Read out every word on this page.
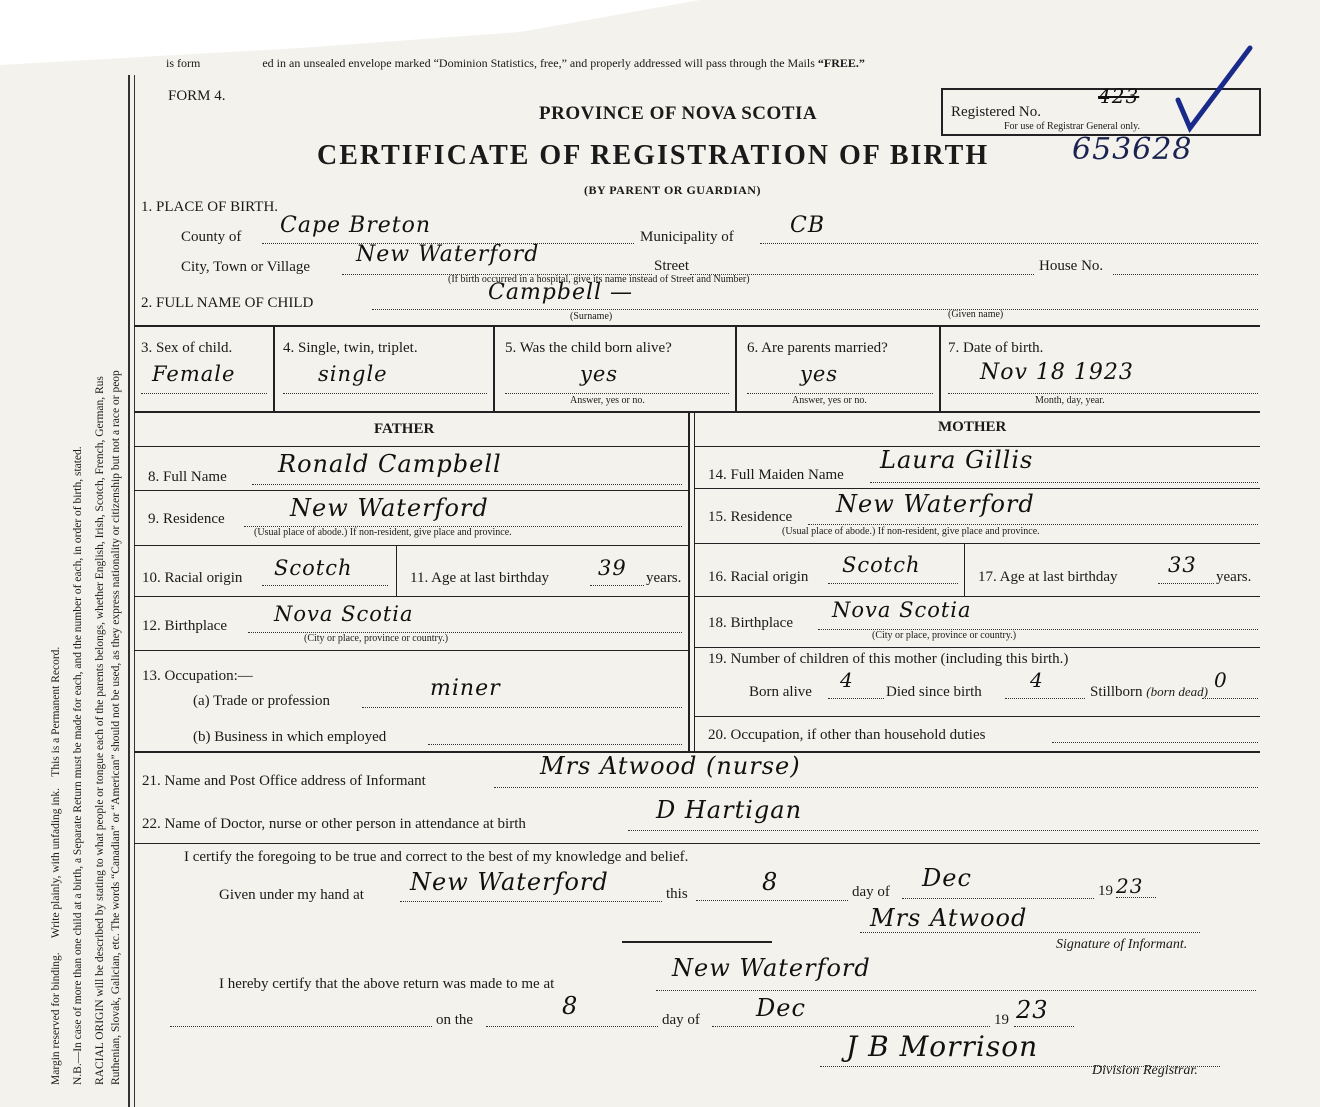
is form	ed in an unsealed envelope marked “Dominion Statistics, free,” and properly addressed will pass through the Mails “FREE.”
FORM 4.
PROVINCE OF NOVA SCOTIA
CERTIFICATE OF REGISTRATION OF BIRTH
(BY PARENT OR GUARDIAN)
Registered No.
423
For use of Registrar General only.
653628
Margin reserved for binding.     Write plainly, with unfading ink.    This is a Permanent Record. N.B.—In case of more than one child at a birth, a Separate Return must be made for each, and the number of each, in order of birth, stated. RACIAL ORIGIN will be described by stating to what people or tongue each of the parents belongs, whether English, Irish, Scotch, French, German, Rus Ruthenian, Slovak, Galician, etc. The words “Canadian” or “American” should not be used, as they express nationality or citizenship but not a race or peop
1. PLACE OF BIRTH.
County of Cape Breton	Municipality of	CB
City, Town or Village New Waterford	Street	House No.
(If birth occurred in a hospital, give its name instead of Street and Number)
2. FULL NAME OF CHILD	Campbell —
(Surname)	(Given name)
3. Sex of child.
Female
4. Single, twin, triplet.
single
5. Was the child born alive?
yes
Answer, yes or no.
6. Are parents married?
yes
Answer, yes or no.
7. Date of birth.
Nov 18 1923
Month, day, year.
FATHER	MOTHER
8. Full Name Ronald Campbell
9. Residence	New Waterford
(Usual place of abode.) If non-resident, give place and province.
10. Racial origin Scotch	11. Age at last birthday 39 years.
12. Birthplace Nova Scotia
(City or place, province or country.)
13. Occupation:—
(a) Trade or profession	miner
(b) Business in which employed
14. Full Maiden Name
Laura Gillis
15. Residence New Waterford
(Usual place of abode.) If non-resident, give place and province.
16. Racial origin Scotch	17. Age at last birthday 33 years.
18. Birthplace
Nova Scotia
(City or place, province or country.)
19. Number of children of this mother (including this birth.)
Born alive 4 Died since birth 4	Stillborn (born dead) 0
20. Occupation, if other than household duties
21. Name and Post Office address of Informant
Mrs Atwood (nurse)
22. Name of Doctor, nurse or other person in attendance at birth	D Hartigan
I certify the foregoing to be true and correct to the best of my knowledge and belief.
Given under my hand at New Waterford	this	8	day of Dec	19 23
Mrs Atwood
Signature of Informant.
I hereby certify that the above return was made to me at
New Waterford
on the	8	day of Dec	19 23
J B Morrison
Division Registrar.
